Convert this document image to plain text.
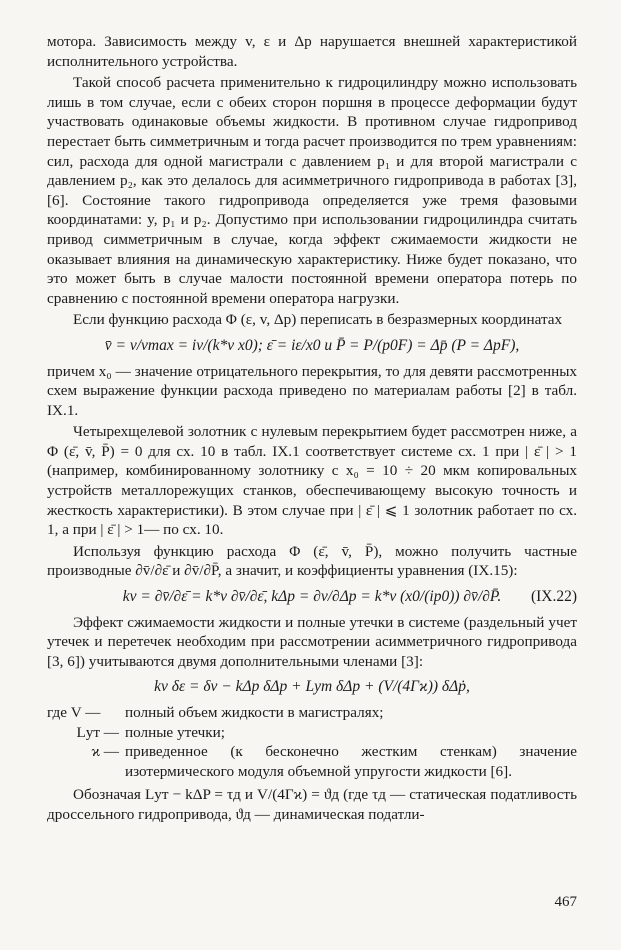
мотора. Зависимость между v, ε и Δp нарушается внешней характеристикой исполнительного устройства.

Такой способ расчета применительно к гидроцилиндру можно использовать лишь в том случае, если с обеих сторон поршня в процессе деформации будут участвовать одинаковые объемы жидкости. В противном случае гидропривод перестает быть симметричным и тогда расчет производится по трем уравнениям: сил, расхода для одной магистрали с давлением p₁ и для второй магистрали с давлением p₂, как это делалось для асимметричного гидропривода в работах [3], [6]. Состояние такого гидропривода определяется уже тремя фазовыми координатами: y, p₁ и p₂. Допустимо при использовании гидроцилиндра считать привод симметричным в случае, когда эффект сжимаемости жидкости не оказывает влияния на динамическую характеристику. Ниже будет показано, что это может быть в случае малости постоянной времени оператора потерь по сравнению с постоянной времени оператора нагрузки.

Если функцию расхода Φ (ε, v, Δp) переписать в безразмерных координатах

v̄ = v/vmax = iv/(k*v x0); ε̄ = iε/x0 и P̄ = P/(p0F) = Δp̄ (P = ΔpF),

причем x₀ — значение отрицательного перекрытия, то для девяти рассмотренных схем выражение функции расхода приведено по материалам работы [2] в табл. IX.1.

Четырехщелевой золотник с нулевым перекрытием будет рассмотрен ниже, а Φ (ε̄, v̄, P̄) = 0 для сх. 10 в табл. IX.1 соответствует системе сх. 1 при | ε̄ | > 1 (например, комбинированному золотнику с x₀ = 10 ÷ 20 мкм копировальных устройств металлорежущих станков, обеспечивающему высокую точность и жесткость характеристики). В этом случае при | ε̄ | ⩽ 1 золотник работает по сх. 1, а при | ε̄ | > 1— по сх. 10.

Используя функцию расхода Φ (ε̄, v̄, P̄), можно получить частные производные ∂v̄/∂ε̄ и ∂v̄/∂P̄, а значит, и коэффициенты уравнения (IX.15):

kv = ∂v̄/∂ε̄ = k*v ∂v̄/∂ε̄, kΔp = ∂v/∂Δp = k*v (x0/(ip0)) ∂v̄/∂P̄. (IX.22)

Эффект сжимаемости жидкости и полные утечки в системе (раздельный учет утечек и перетечек необходим при рассмотрении асимметричного гидропривода [3, 6]) учитываются двумя дополнительными членами [3]:

kv δε = δv − kΔp δΔp + Lут δΔp + (V/(4Γϰ)) δΔṗ,
где V —	полный объем жидкости в магистралях;
Lут — полные утечки;
ϰ — приведенное (к бесконечно жестким стенкам) значение изотермического модуля объемной упругости жидкости [6].

Обозначая Lут − kΔP = τд и V/(4Γϰ) = ϑд (где τд — статическая податливость дроссельного гидропривода, ϑд — динамическая податли-

467
